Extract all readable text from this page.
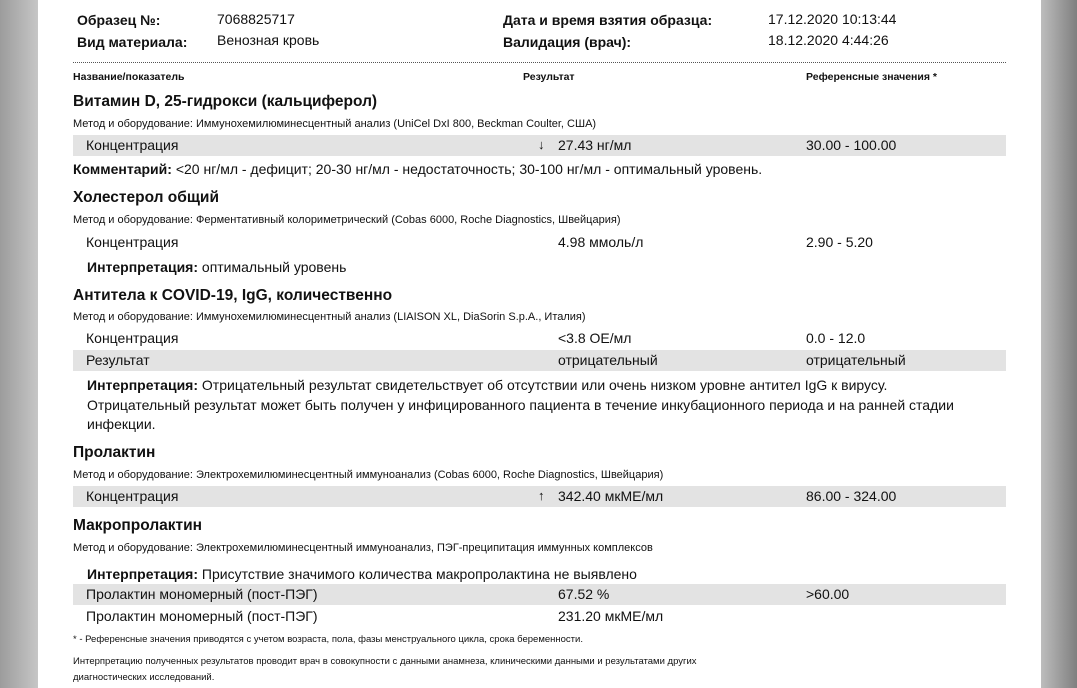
Образец №:	7068825717
Вид материала: Венозная кровь
Дата и время взятия образца:	17.12.2020 10:13:44
Валидация (врач):	18.12.2020 4:44:26
Название/показатель	Результат	Референсные значения *
Витамин D, 25-гидрокси (кальциферол)
Метод и оборудование: Иммунохемилюминесцентный анализ (UniCel DxI 800, Beckman Coulter, США)
Концентрация	↓ 27.43 нг/мл	30.00 - 100.00
Комментарий: <20 нг/мл - дефицит; 20-30 нг/мл - недостаточность; 30-100 нг/мл - оптимальный уровень.
Холестерол общий
Метод и оборудование: Ферментативный колориметрический (Cobas 6000, Roche Diagnostics, Швейцария)
Концентрация	4.98 ммоль/л	2.90 - 5.20
Интерпретация: оптимальный уровень
Антитела к COVID-19, IgG, количественно
Метод и оборудование: Иммунохемилюминесцентный анализ (LIAISON XL, DiaSorin S.p.A., Италия)
Концентрация	<3.8 ОЕ/мл	0.0 - 12.0
Результат	отрицательный	отрицательный
Интерпретация: Отрицательный результат свидетельствует об отсутствии или очень низком уровне антител IgG к вирусу. Отрицательный результат может быть получен у инфицированного пациента в течение инкубационного периода и на ранней стадии инфекции.
Пролактин
Метод и оборудование: Электрохемилюминесцентный иммуноанализ (Cobas 6000, Roche Diagnostics, Швейцария)
Концентрация	↑ 342.40 мкМЕ/мл	86.00 - 324.00
Макропролактин
Метод и оборудование: Электрохемилюминесцентный иммуноанализ, ПЭГ-преципитация иммунных комплексов
Интерпретация: Присутствие значимого количества макропролактина не выявлено
Пролактин мономерный (пост-ПЭГ)	67.52 %	>60.00
Пролактин мономерный (пост-ПЭГ)	231.20 мкМЕ/мл
* - Референсные значения приводятся с учетом возраста, пола, фазы менструального цикла, срока беременности.
Интерпретацию полученных результатов проводит врач в совокупности с данными анамнеза, клиническими данными и результатами других
диагностических исследований.
